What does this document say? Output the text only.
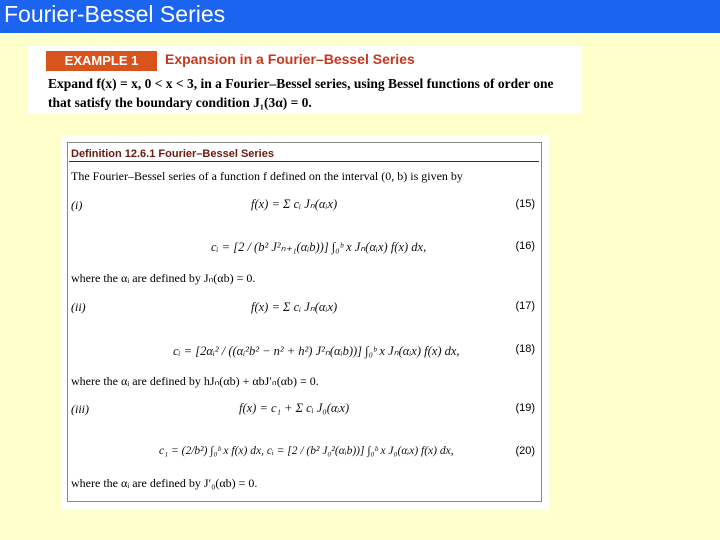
Fourier-Bessel Series
EXAMPLE 1	Expansion in a Fourier–Bessel Series
Expand f(x) = x, 0 < x < 3, in a Fourier–Bessel series, using Bessel functions of order one
that satisfy the boundary condition J₁(3α) = 0.
Definition 12.6.1 Fourier–Bessel Series
The Fourier–Bessel series of a function f defined on the interval (0, b) is given by
(i)	f(x) = Σ cᵢ Jₙ(αᵢx)	(15)
cᵢ = [2 / (b² J²ₙ₊₁(αᵢb))] ∫₀ᵇ x Jₙ(αᵢx) f(x) dx,	(16)
where the αᵢ are defined by Jₙ(αb) = 0.
(ii)	f(x) = Σ cᵢ Jₙ(αᵢx)	(17)
cᵢ = [2αᵢ² / ((αᵢ²b² − n² + h²) J²ₙ(αᵢb))] ∫₀ᵇ x Jₙ(αᵢx) f(x) dx,	(18)
where the αᵢ are defined by hJₙ(αb) + αbJ′ₙ(αb) = 0.
(iii)	f(x) = c₁ + Σ cᵢ J₀(αᵢx)	(19)
c₁ = (2/b²) ∫₀ᵇ x f(x) dx, cᵢ = [2 / (b² J₀²(αᵢb))] ∫₀ᵇ x J₀(αᵢx) f(x) dx,	(20)
where the αᵢ are defined by J′₀(αb) = 0.
